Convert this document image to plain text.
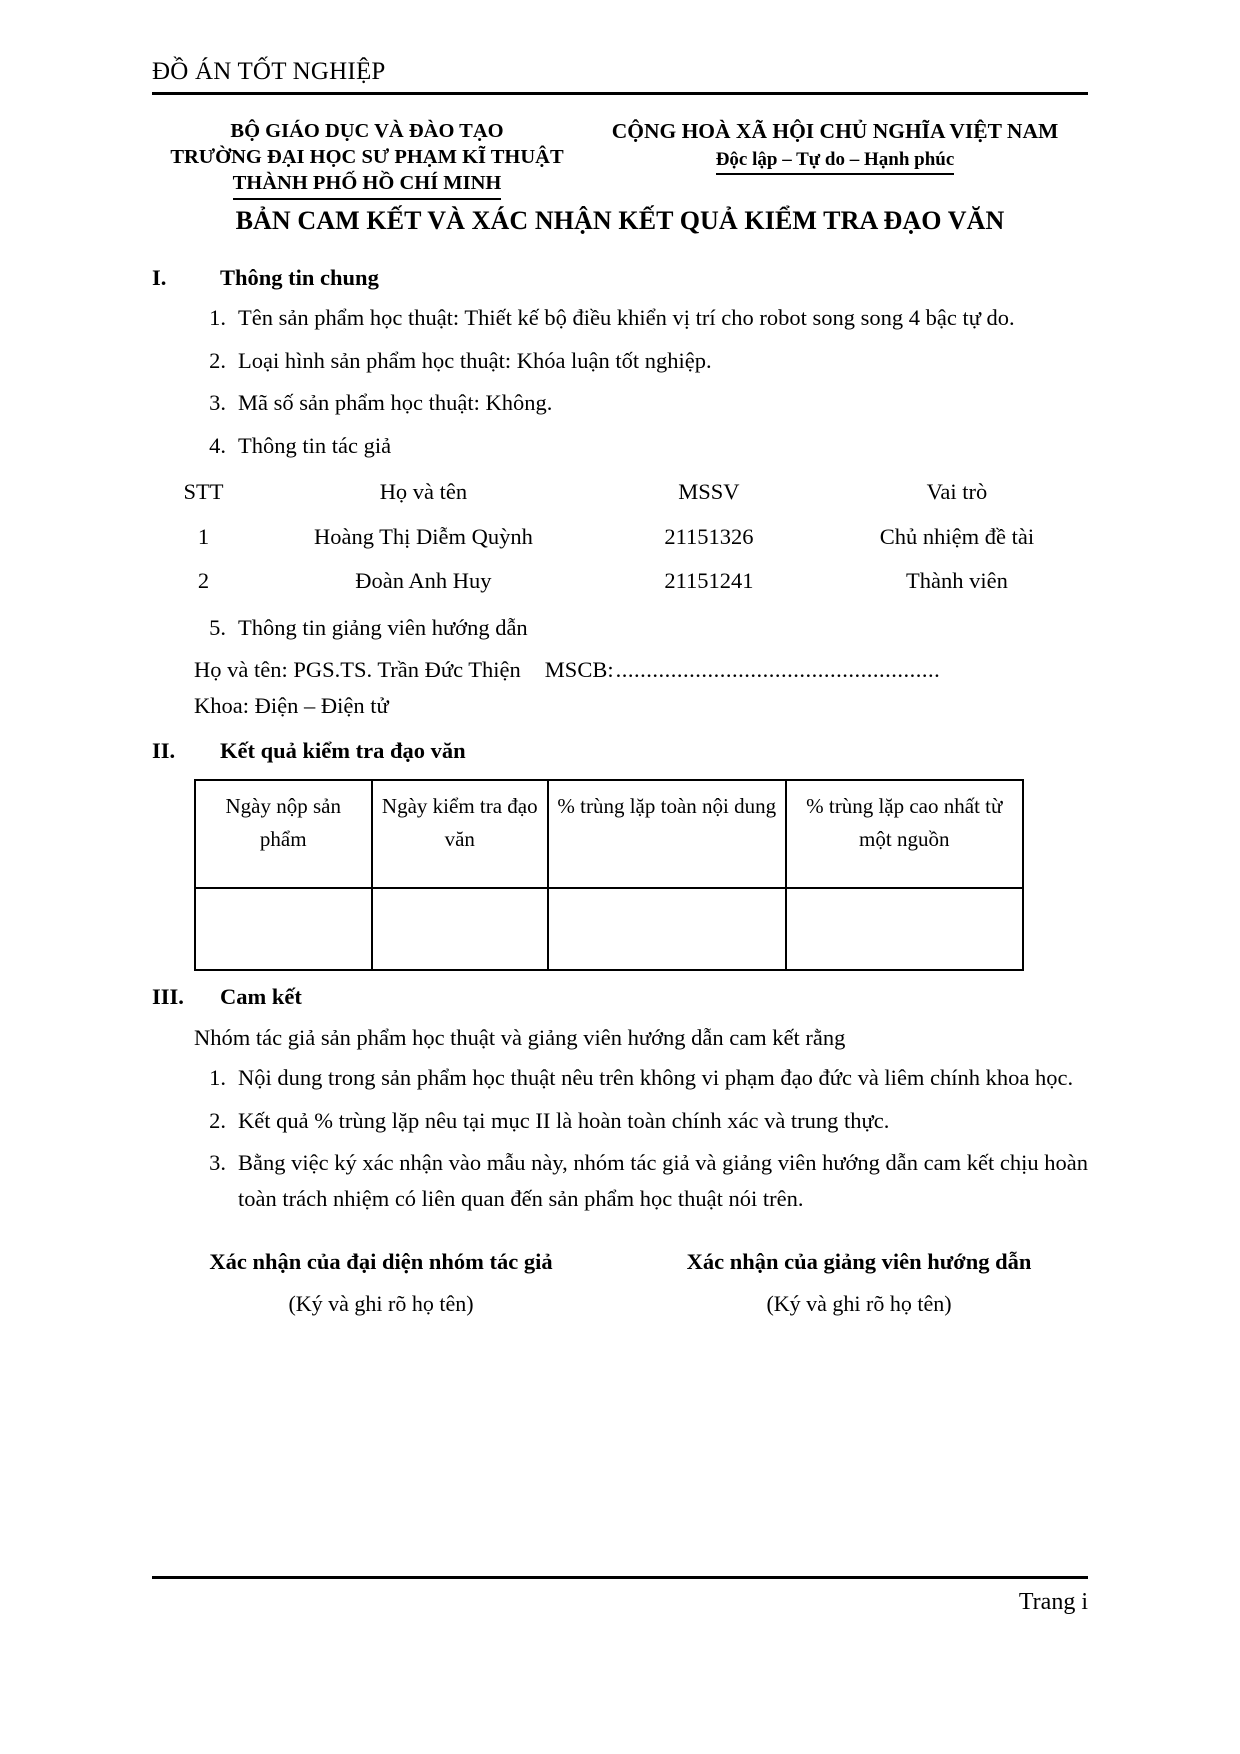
ĐỒ ÁN TỐT NGHIỆP
BỘ GIÁO DỤC VÀ ĐÀO TẠO
TRƯỜNG ĐẠI HỌC SƯ PHẠM KĨ THUẬT
THÀNH PHỐ HỒ CHÍ MINH
CỘNG HOÀ XÃ HỘI CHỦ NGHĨA VIỆT NAM
Độc lập – Tự do – Hạnh phúc
BẢN CAM KẾT VÀ XÁC NHẬN KẾT QUẢ KIỂM TRA ĐẠO VĂN
I.	Thông tin chung
1. Tên sản phẩm học thuật: Thiết kế bộ điều khiển vị trí cho robot song song 4 bậc tự do.
2. Loại hình sản phẩm học thuật: Khóa luận tốt nghiệp.
3. Mã số sản phẩm học thuật: Không.
4. Thông tin tác giả
STT	Họ và tên	MSSV	Vai trò
1	Hoàng Thị Diễm Quỳnh	21151326	Chủ nhiệm đề tài
2	Đoàn Anh Huy	21151241	Thành viên
5. Thông tin giảng viên hướng dẫn
Họ và tên: PGS.TS. Trần Đức Thiện MSCB: .....................................................
Khoa: Điện – Điện tử
II.	Kết quả kiểm tra đạo văn
Ngày nộp sản phẩm	Ngày kiểm tra đạo văn	% trùng lặp toàn nội dung	% trùng lặp cao nhất từ một nguồn

III.	Cam kết
Nhóm tác giả sản phẩm học thuật và giảng viên hướng dẫn cam kết rằng
1. Nội dung trong sản phẩm học thuật nêu trên không vi phạm đạo đức và liêm chính khoa học.
2. Kết quả % trùng lặp nêu tại mục II là hoàn toàn chính xác và trung thực.
3. Bằng việc ký xác nhận vào mẫu này, nhóm tác giả và giảng viên hướng dẫn cam kết chịu hoàn toàn trách nhiệm có liên quan đến sản phẩm học thuật nói trên.
Xác nhận của đại diện nhóm tác giả
(Ký và ghi rõ họ tên)
Xác nhận của giảng viên hướng dẫn
(Ký và ghi rõ họ tên)
Trang i
